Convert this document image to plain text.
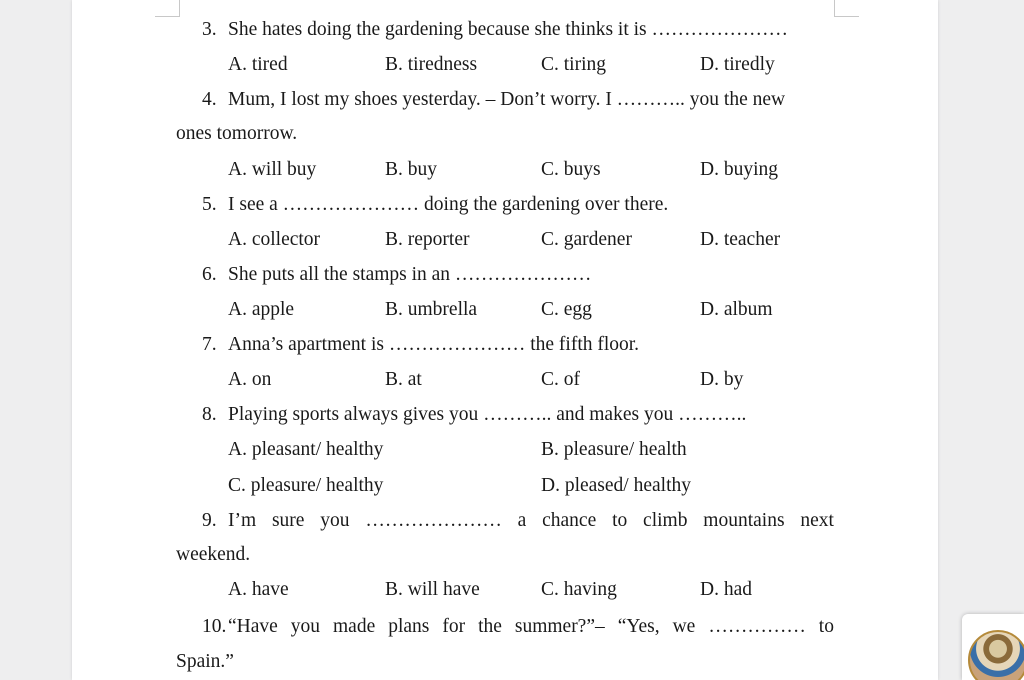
3. She hates doing the gardening because she thinks it is …………………
A. tired	B. tiredness	C. tiring	D. tiredly
4. Mum, I lost my shoes yesterday. – Don’t worry. I ……….. you the new
ones tomorrow.
A. will buy	B. buy	C. buys	D. buying
5. I see a ………………… doing the gardening over there.
A. collector	B. reporter	C. gardener	D. teacher
6. She puts all the stamps in an …………………
A. apple	B. umbrella	C. egg	D. album
7. Anna’s apartment is ………………… the fifth floor.
A. on	B. at	C. of	D. by
8. Playing sports always gives you ……….. and makes you ………..
A. pleasant/ healthy	B. pleasure/ health
C. pleasure/ healthy	D. pleased/ healthy
9. I’m sure you ………………… a chance to climb mountains next
weekend.
A. have	B. will have	C. having	D. had
10. “Have you made plans for the summer?”– “Yes, we …………… to
Spain.”
